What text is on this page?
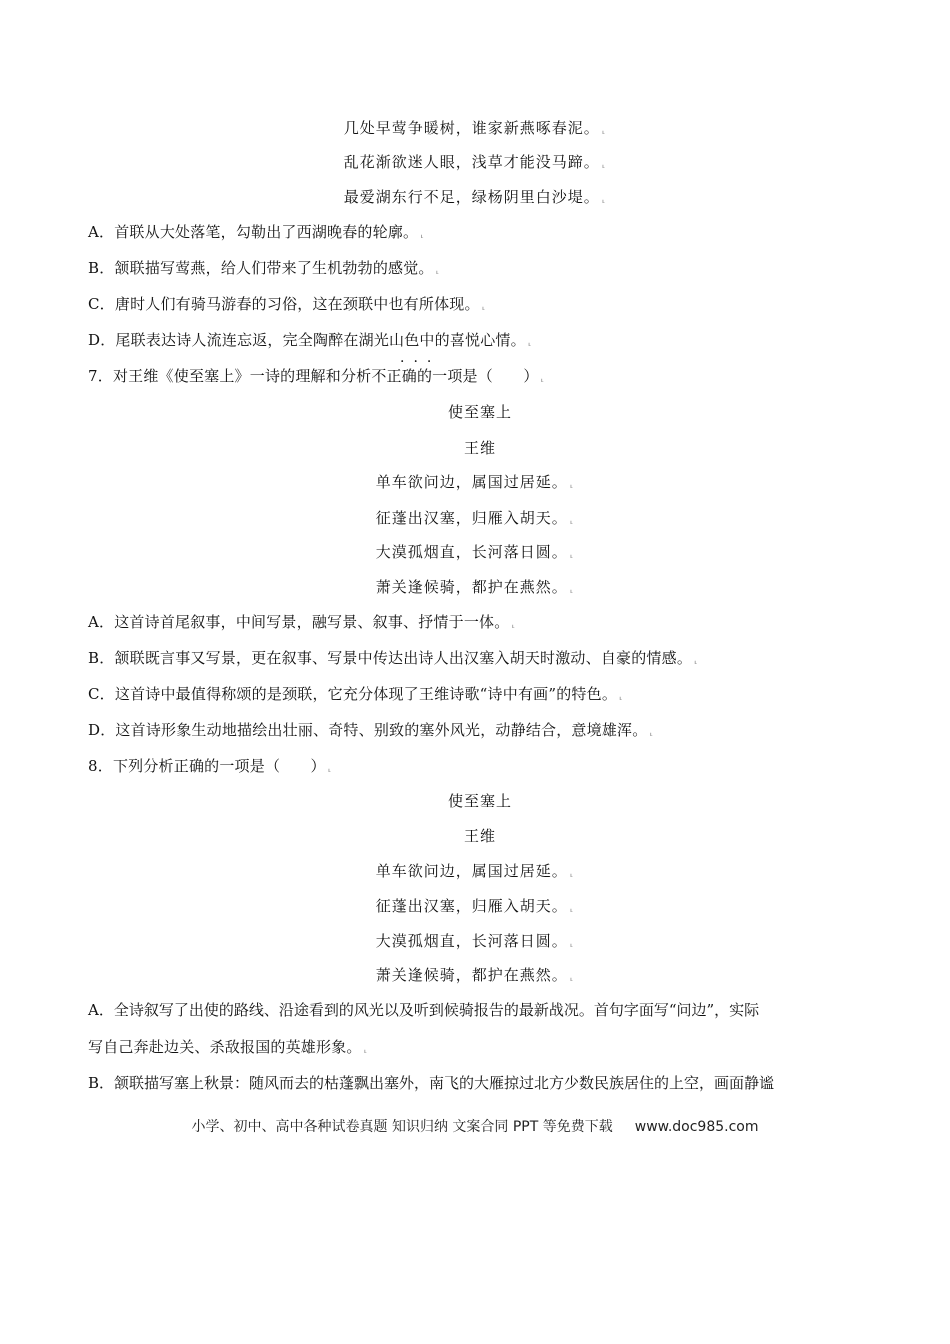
几处早莺争暖树，谁家新燕啄春泥。 ⸤
乱花渐欲迷人眼，浅草才能没马蹄。 ⸤
最爱湖东行不足，绿杨阴里白沙堤。 ⸤
A．首联从大处落笔，勾勒出了西湖晚春的轮廓。 ⸤
B．颔联描写莺燕，给人们带来了生机勃勃的感觉。 ⸤
C．唐时人们有骑马游春的习俗，这在颈联中也有所体现。 ⸤
D．尾联表达诗人流连忘返，完全陶醉在湖光山色中的喜悦心情。 ⸤
···
7．对王维《使至塞上》一诗的理解和分析不正确的一项是（　　） ⸤
使至塞上
王维
单车欲问边，属国过居延。 ⸤
征蓬出汉塞，归雁入胡天。 ⸤
大漠孤烟直，长河落日圆。 ⸤
萧关逢候骑，都护在燕然。 ⸤
A．这首诗首尾叙事，中间写景，融写景、叙事、抒情于一体。 ⸤
B．颔联既言事又写景，更在叙事、写景中传达出诗人出汉塞入胡天时激动、自豪的情感。 ⸤
C．这首诗中最值得称颂的是颈联，它充分体现了王维诗歌“诗中有画”的特色。 ⸤
D．这首诗形象生动地描绘出壮丽、奇特、别致的塞外风光，动静结合，意境雄浑。 ⸤
8．下列分析正确的一项是（　　） ⸤
使至塞上
王维
单车欲问边，属国过居延。 ⸤
征蓬出汉塞，归雁入胡天。 ⸤
大漠孤烟直，长河落日圆。 ⸤
萧关逢候骑，都护在燕然。 ⸤
A．全诗叙写了出使的路线、沿途看到的风光以及听到候骑报告的最新战况。首句字面写“问边”，实际
写自己奔赴边关、杀敌报国的英雄形象。 ⸤
B．颔联描写塞上秋景：随风而去的枯蓬飘出塞外，南飞的大雁掠过北方少数民族居住的上空，画面静谧
小学、初中、高中各种试卷真题 知识归纳 文案合同 PPT 等免费下载 www.doc985.com
